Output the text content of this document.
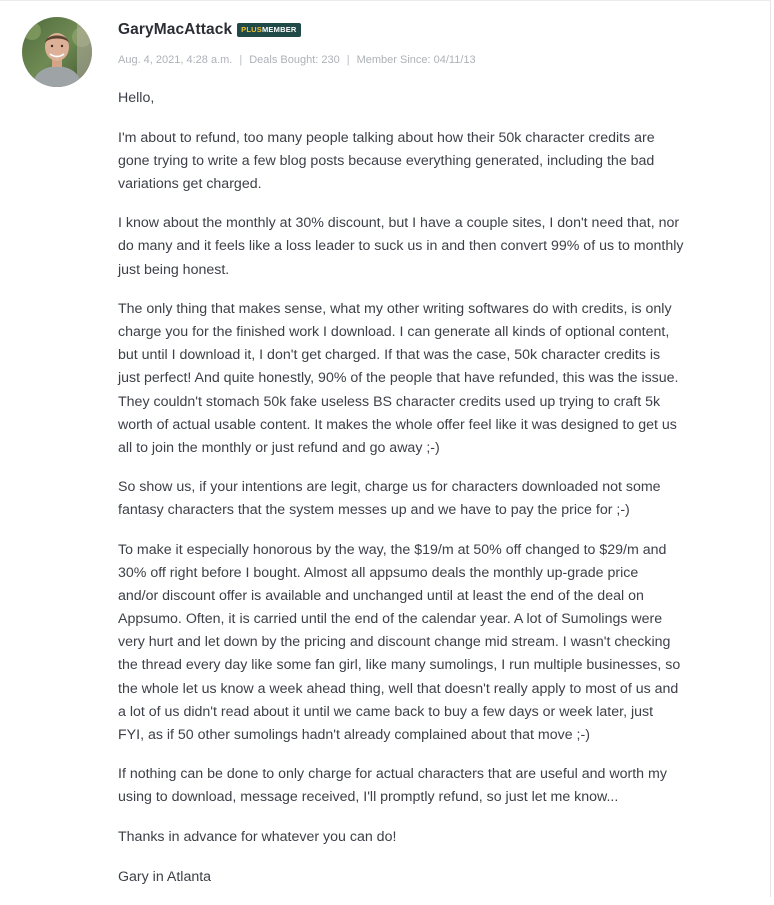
GaryMacAttack PLUS MEMBER
Aug. 4, 2021, 4:28 a.m. | Deals Bought: 230 | Member Since: 04/11/13

Hello,

I'm about to refund, too many people talking about how their 50k character credits are
gone trying to write a few blog posts because everything generated, including the bad
variations get charged.

I know about the monthly at 30% discount, but I have a couple sites, I don't need that, nor
do many and it feels like a loss leader to suck us in and then convert 99% of us to monthly
just being honest.

The only thing that makes sense, what my other writing softwares do with credits, is only
charge you for the finished work I download. I can generate all kinds of optional content,
but until I download it, I don't get charged. If that was the case, 50k character credits is
just perfect! And quite honestly, 90% of the people that have refunded, this was the issue.
They couldn't stomach 50k fake useless BS character credits used up trying to craft 5k
worth of actual usable content. It makes the whole offer feel like it was designed to get us
all to join the monthly or just refund and go away ;-)

So show us, if your intentions are legit, charge us for characters downloaded not some
fantasy characters that the system messes up and we have to pay the price for ;-)

To make it especially honorous by the way, the $19/m at 50% off changed to $29/m and
30% off right before I bought. Almost all appsumo deals the monthly up-grade price
and/or discount offer is available and unchanged until at least the end of the deal on
Appsumo. Often, it is carried until the end of the calendar year. A lot of Sumolings were
very hurt and let down by the pricing and discount change mid stream. I wasn't checking
the thread every day like some fan girl, like many sumolings, I run multiple businesses, so
the whole let us know a week ahead thing, well that doesn't really apply to most of us and
a lot of us didn't read about it until we came back to buy a few days or week later, just
FYI, as if 50 other sumolings hadn't already complained about that move ;-)

If nothing can be done to only charge for actual characters that are useful and worth my
using to download, message received, I'll promptly refund, so just let me know...

Thanks in advance for whatever you can do!

Gary in Atlanta
